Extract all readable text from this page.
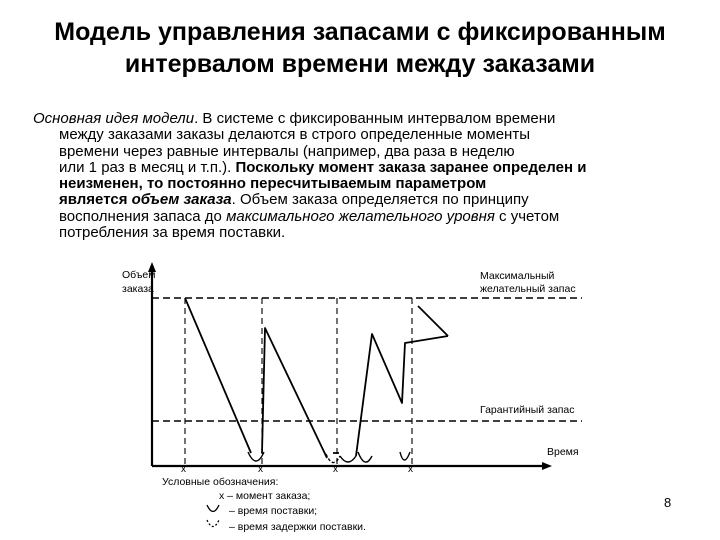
Модель управления запасами с фиксированным
интервалом времени между заказами
Основная идея модели. В системе с фиксированным интервалом времени
между заказами заказы делаются в строго определенные моменты
времени через равные интервалы (например, два раза в неделю
или 1 раз в месяц и т.п.). Поскольку момент заказа заранее определен и
неизменен, то постоянно пересчитываемым параметром
является объем заказа. Объем заказа определяется по принципу
восполнения запаса до максимального желательного уровня с учетом
потребления за время поставки.
Объем
заказа
Время
Максимальный
желательный запас
Гарантийный запас
x	x	x	x
Условные обозначения:
x – момент заказа;
– время поставки;
– время задержки поставки.
8
